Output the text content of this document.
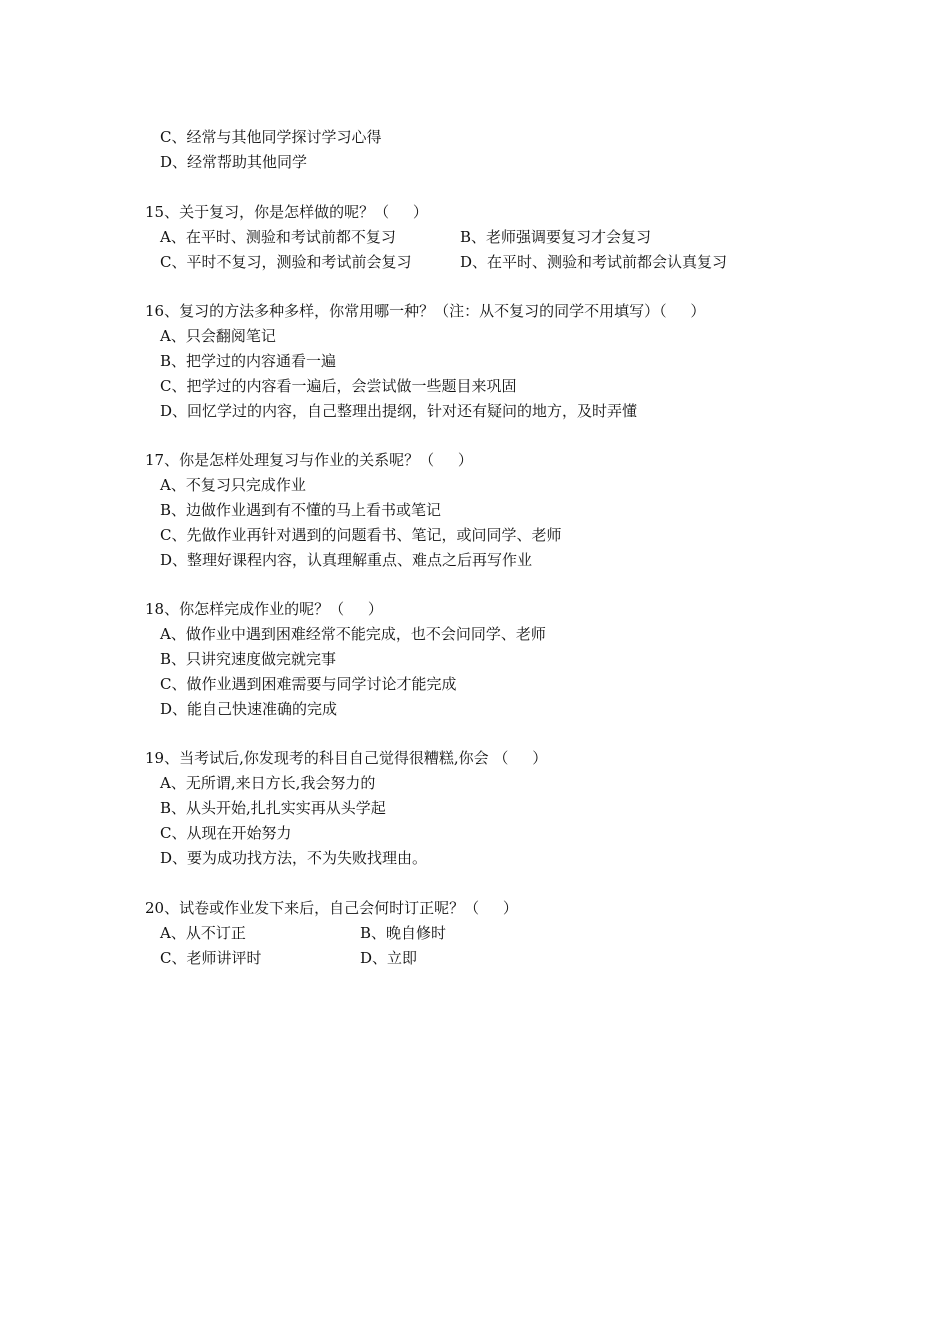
C、经常与其他同学探讨学习心得
D、经常帮助其他同学
15、关于复习，你是怎样做的呢？（     ）
A、在平时、测验和考试前都不复习	B、老师强调要复习才会复习
C、平时不复习，测验和考试前会复习	D、在平时、测验和考试前都会认真复习
16、复习的方法多种多样，你常用哪一种？（注：从不复习的同学不用填写）（     ）
A、只会翻阅笔记
B、把学过的内容通看一遍
C、把学过的内容看一遍后，会尝试做一些题目来巩固
D、回忆学过的内容，自己整理出提纲，针对还有疑问的地方，及时弄懂
17、你是怎样处理复习与作业的关系呢？（     ）
A、不复习只完成作业
B、边做作业遇到有不懂的马上看书或笔记
C、先做作业再针对遇到的问题看书、笔记，或问同学、老师
D、整理好课程内容，认真理解重点、难点之后再写作业
18、你怎样完成作业的呢？（     ）
A、做作业中遇到困难经常不能完成，也不会问同学、老师
B、只讲究速度做完就完事
C、做作业遇到困难需要与同学讨论才能完成
D、能自己快速准确的完成
19、当考试后,你发现考的科目自己觉得很糟糕,你会 （     ）
A、无所谓,来日方长,我会努力的
B、从头开始,扎扎实实再从头学起
C、从现在开始努力
D、要为成功找方法，不为失败找理由。
20、试卷或作业发下来后，自己会何时订正呢？（     ）
A、从不订正	B、晚自修时
C、老师讲评时	D、立即
